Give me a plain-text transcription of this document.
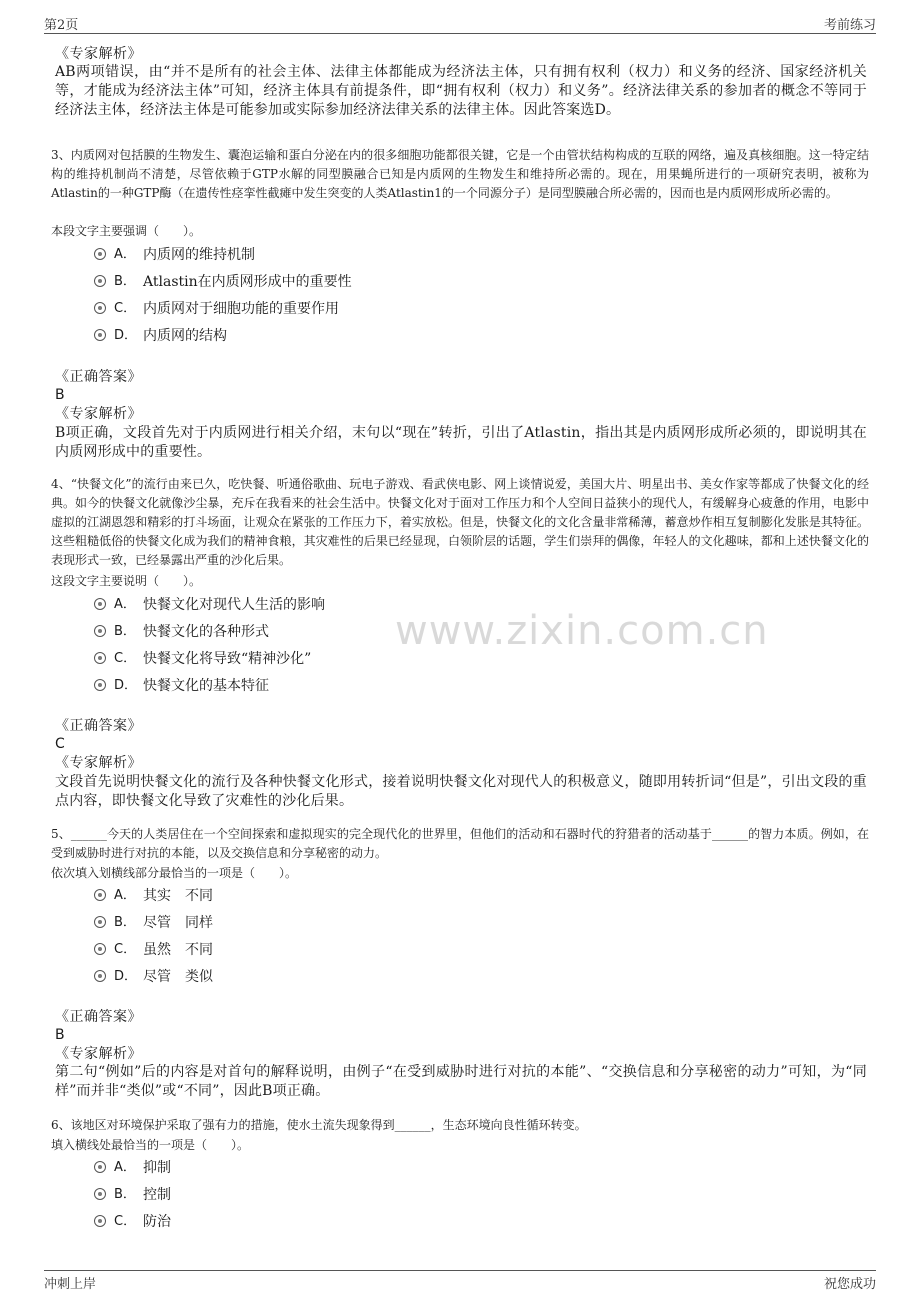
第2页	考前练习
www.zixin.com.cn
《专家解析》
AB两项错误，由“并不是所有的社会主体、法律主体都能成为经济法主体，只有拥有权利（权力）和义务的经济、国家经济机关等，才能成为经济法主体”可知，经济主体具有前提条件，即“拥有权利（权力）和义务”。经济法律关系的参加者的概念不等同于经济法主体，经济法主体是可能参加或实际参加经济法律关系的法律主体。因此答案选D。
3、内质网对包括膜的生物发生、囊泡运输和蛋白分泌在内的很多细胞功能都很关键，它是一个由管状结构构成的互联的网络，遍及真核细胞。这一特定结构的维持机制尚不清楚，尽管依赖于GTP水解的同型膜融合已知是内质网的生物发生和维持所必需的。现在，用果蝇所进行的一项研究表明，被称为Atlastin的一种GTP酶（在遗传性痉挛性截瘫中发生突变的人类Atlastin1的一个同源分子）是同型膜融合所必需的，因而也是内质网形成所必需的。
本段文字主要强调（　　）。

A．

内质网的维持机制

B．

Atlastin在内质网形成中的重要性

C．

内质网对于细胞功能的重要作用

D．

内质网的结构

《正确答案》
B
《专家解析》
B项正确，文段首先对于内质网进行相关介绍，末句以“现在”转折，引出了Atlastin，指出其是内质网形成所必须的，即说明其在内质网形成中的重要性。
4、“快餐文化”的流行由来已久，吃快餐、听通俗歌曲、玩电子游戏、看武侠电影、网上谈情说爱，美国大片、明星出书、美女作家等都成了快餐文化的经典。如今的快餐文化就像沙尘暴，充斥在我看来的社会生活中。快餐文化对于面对工作压力和个人空间日益狭小的现代人，有缓解身心疲惫的作用，电影中虚拟的江湖恩怨和精彩的打斗场面，让观众在紧张的工作压力下，着实放松。但是，快餐文化的文化含量非常稀薄，蓄意炒作相互复制膨化发胀是其特征。这些粗糙低俗的快餐文化成为我们的精神食粮，其灾难性的后果已经显现，白领阶层的话题，学生们崇拜的偶像，年轻人的文化趣味，都和上述快餐文化的表现形式一致，已经暴露出严重的沙化后果。
这段文字主要说明（　　）。

A．

快餐文化对现代人生活的影响

B．

快餐文化的各种形式

C．

快餐文化将导致“精神沙化”

D．

快餐文化的基本特征

《正确答案》
C
《专家解析》
文段首先说明快餐文化的流行及各种快餐文化形式，接着说明快餐文化对现代人的积极意义，随即用转折词“但是”，引出文段的重点内容，即快餐文化导致了灾难性的沙化后果。
5、______今天的人类居住在一个空间探索和虚拟现实的完全现代化的世界里，但他们的活动和石器时代的狩猎者的活动基于______的智力本质。例如，在受到威胁时进行对抗的本能，以及交换信息和分享秘密的动力。
依次填入划横线部分最恰当的一项是（　　）。

A．

其实　不同

B．

尽管　同样

C．

虽然　不同

D．

尽管　类似

《正确答案》
B
《专家解析》
第二句“例如”后的内容是对首句的解释说明，由例子“在受到威胁时进行对抗的本能”、“交换信息和分享秘密的动力”可知，为“同样”而并非“类似”或“不同”，因此B项正确。
6、该地区对环境保护采取了强有力的措施，使水土流失现象得到______，生态环境向良性循环转变。
填入横线处最恰当的一项是（　　）。

A．

抑制

B．

控制

C．

防治

冲刺上岸	祝您成功
